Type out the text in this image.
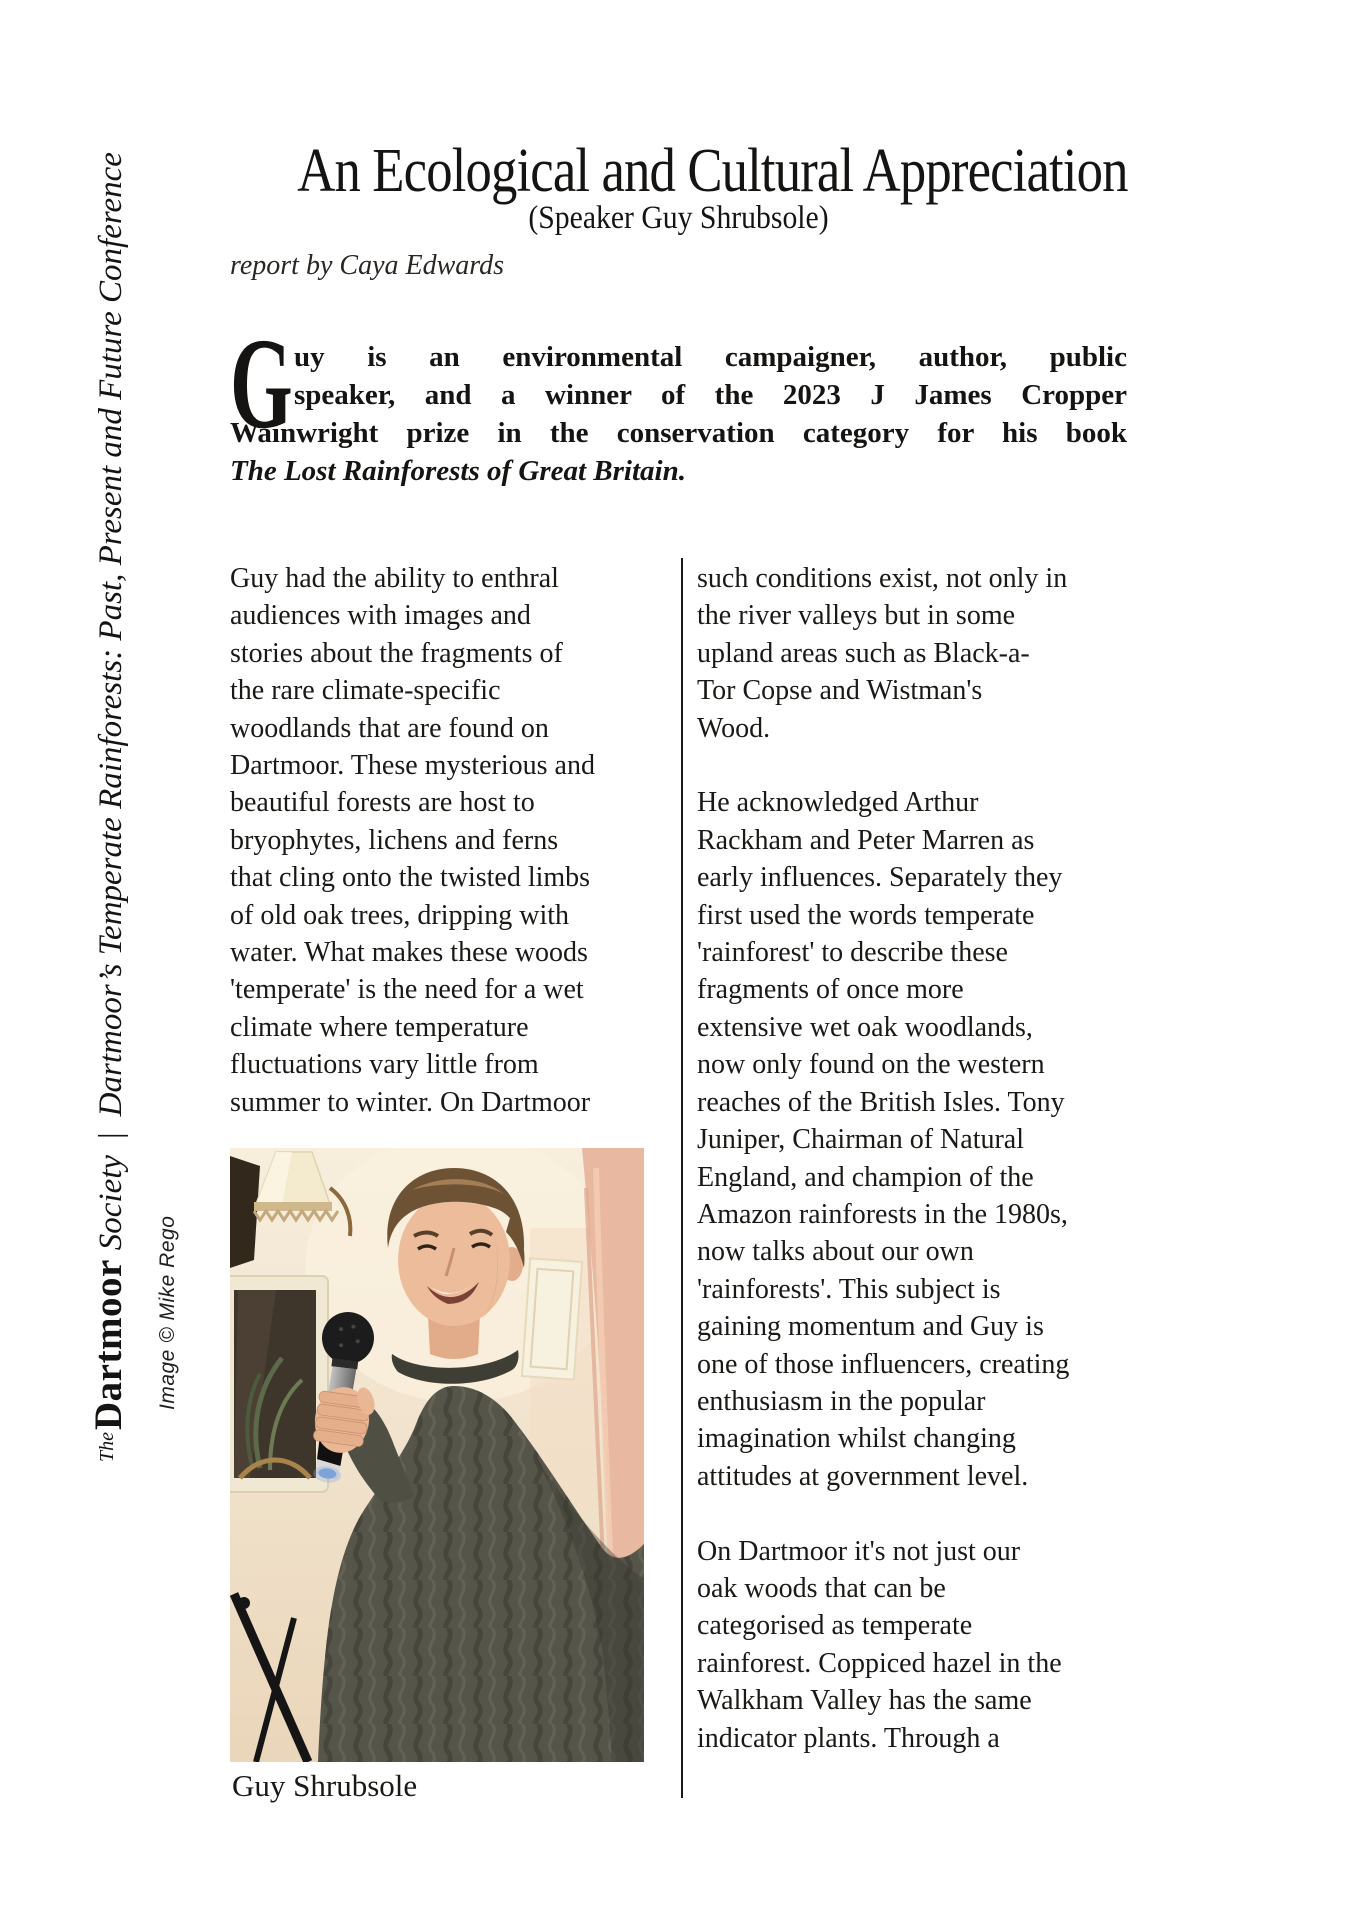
TheDartmoorSociety|Dartmoor’s Temperate Rainforests: Past, Present and Future Conference	An Ecological and Cultural Appreciation
(Speaker Guy Shrubsole)
report by Caya Edwards
G uy is an environmental campaigner, author, public
speaker, and a winner of the 2023 J James Cropper
Wainwright prize in the conservation category for his book
The Lost Rainforests of Great Britain.
Guy had the ability to enthral
audiences with images and
stories about the fragments of
the rare climate-specific
woodlands that are found on
Dartmoor. These mysterious and
beautiful forests are host to
bryophytes, lichens and ferns
that cling onto the twisted limbs
of old oak trees, dripping with
water. What makes these woods
'temperate' is the need for a wet
climate where temperature
fluctuations vary little from
summer to winter. On Dartmoor
such conditions exist, not only in
the river valleys but in some
upland areas such as Black-a-
Tor Copse and Wistman's
Wood.

He acknowledged Arthur
Rackham and Peter Marren as
early influences. Separately they
first used the words temperate
'rainforest' to describe these
fragments of once more
extensive wet oak woodlands,
now only found on the western
reaches of the British Isles. Tony
Juniper, Chairman of Natural
England, and champion of the
Amazon rainforests in the 1980s,
now talks about our own
'rainforests'. This subject is
gaining momentum and Guy is
one of those influencers, creating
enthusiasm in the popular
imagination whilst changing
attitudes at government level.

On Dartmoor it's not just our
oak woods that can be
categorised as temperate
rainforest. Coppiced hazel in the
Walkham Valley has the same
indicator plants. Through a
Image © Mike Rego
Guy Shrubsole
